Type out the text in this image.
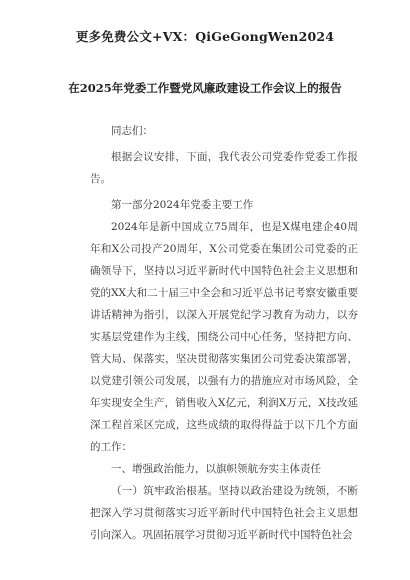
更多免费公文+VX：QiGeGongWen2024
在2025年党委工作暨党风廉政建设工作会议上的报告

同志们：

根据会议安排，下面，我代表公司党委作党委工作报告。

第一部分2024年党委主要工作

2024年是新中国成立75周年，也是X煤电建企40周年和X公司投产20周年，X公司党委在集团公司党委的正确领导下，坚持以习近平新时代中国特色社会主义思想和党的XX大和二十届三中全会和习近平总书记考察安徽重要讲话精神为指引，以深入开展党纪学习教育为动力，以夯实基层党建作为主线，围绕公司中心任务，坚持把方向、管大局、保落实，坚决贯彻落实集团公司党委决策部署，以党建引领公司发展，以强有力的措施应对市场风险，全年实现安全生产，销售收入X亿元，利润X万元，X技改延深工程首采区完成，这些成绩的取得得益于以下几个方面的工作：

一、增强政治能力，以旗帜领航夯实主体责任

（一）筑牢政治根基。坚持以政治建设为统领，不断把深入学习贯彻落实习近平新时代中国特色社会主义思想引向深入。巩固拓展学习贯彻习近平新时代中国特色社会
